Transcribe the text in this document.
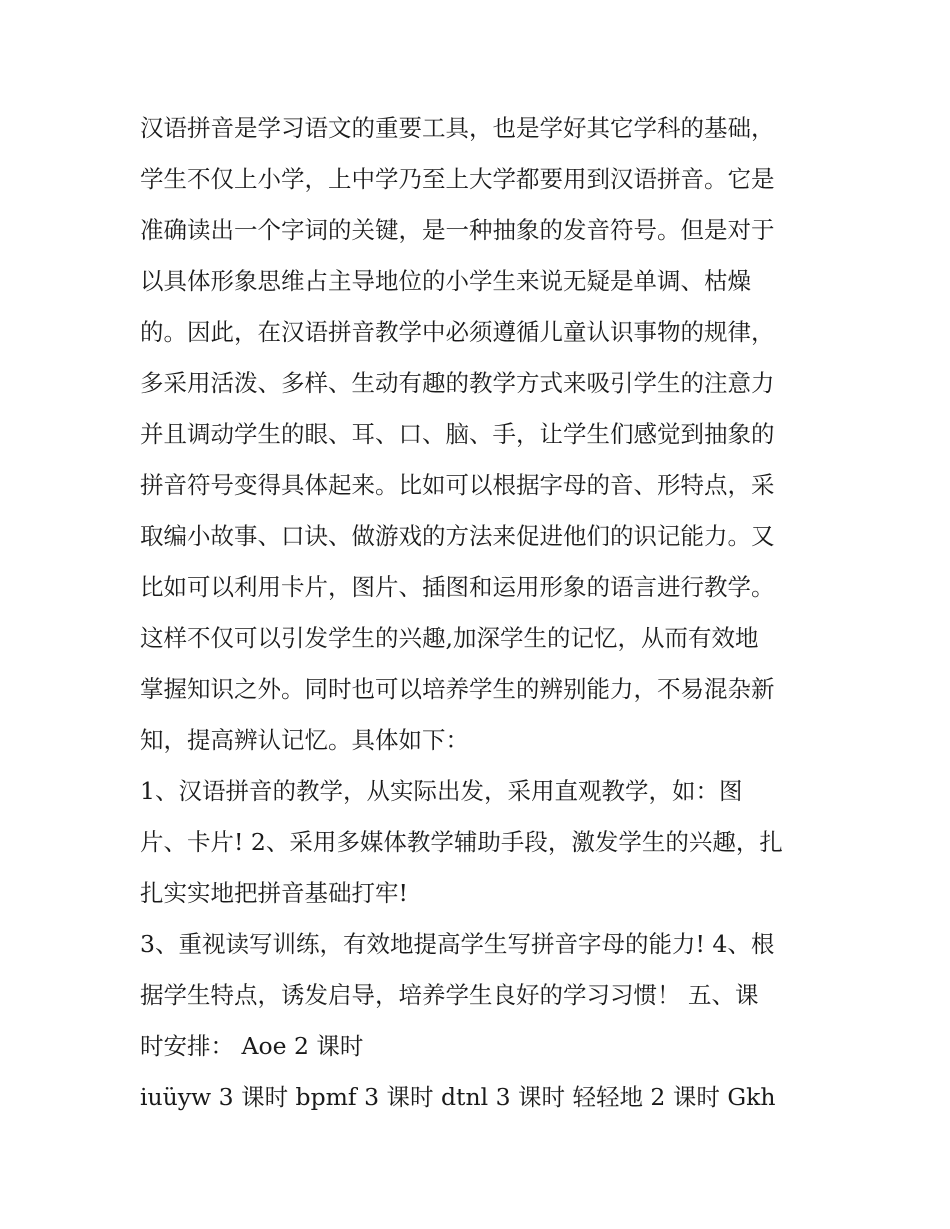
汉语拼音是学习语文的重要工具，也是学好其它学科的基础，
学生不仅上小学，上中学乃至上大学都要用到汉语拼音。它是
准确读出一个字词的关键，是一种抽象的发音符号。但是对于
以具体形象思维占主导地位的小学生来说无疑是单调、枯燥
的。因此，在汉语拼音教学中必须遵循儿童认识事物的规律，
多采用活泼、多样、生动有趣的教学方式来吸引学生的注意力
并且调动学生的眼、耳、口、脑、手，让学生们感觉到抽象的
拼音符号变得具体起来。比如可以根据字母的音、形特点，采
取编小故事、口诀、做游戏的方法来促进他们的识记能力。又
比如可以利用卡片，图片、插图和运用形象的语言进行教学。
这样不仅可以引发学生的兴趣,加深学生的记忆，从而有效地
掌握知识之外。同时也可以培养学生的辨别能力，不易混杂新
知，提高辨认记忆。具体如下：
1、汉语拼音的教学，从实际出发，采用直观教学，如：图
片、卡片! 2、采用多媒体教学辅助手段，激发学生的兴趣，扎
扎实实地把拼音基础打牢!
3、重视读写训练，有效地提高学生写拼音字母的能力! 4、根
据学生特点，诱发启导，培养学生良好的学习习惯！ 五、课
时安排： Aoe 2 课时
iuüyw 3 课时 bpmf 3 课时 dtnl 3 课时 轻轻地 2 课时 Gkh
